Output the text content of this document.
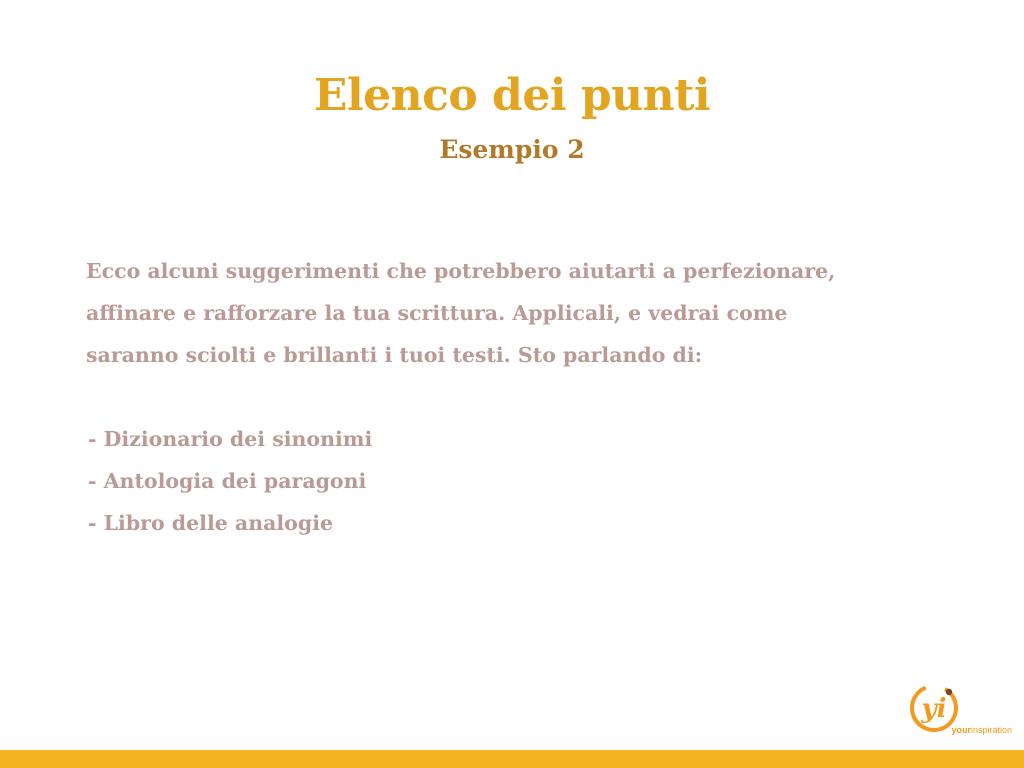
Elenco dei punti
Esempio 2
Ecco alcuni suggerimenti che potrebbero aiutarti a perfezionare,
affinare e rafforzare la tua scrittura. Applicali, e vedrai come
saranno sciolti e brillanti i tuoi testi. Sto parlando di:
- Dizionario dei sinonimi
- Antologia dei paragoni
- Libro delle analogie
yi
yourinspiration
